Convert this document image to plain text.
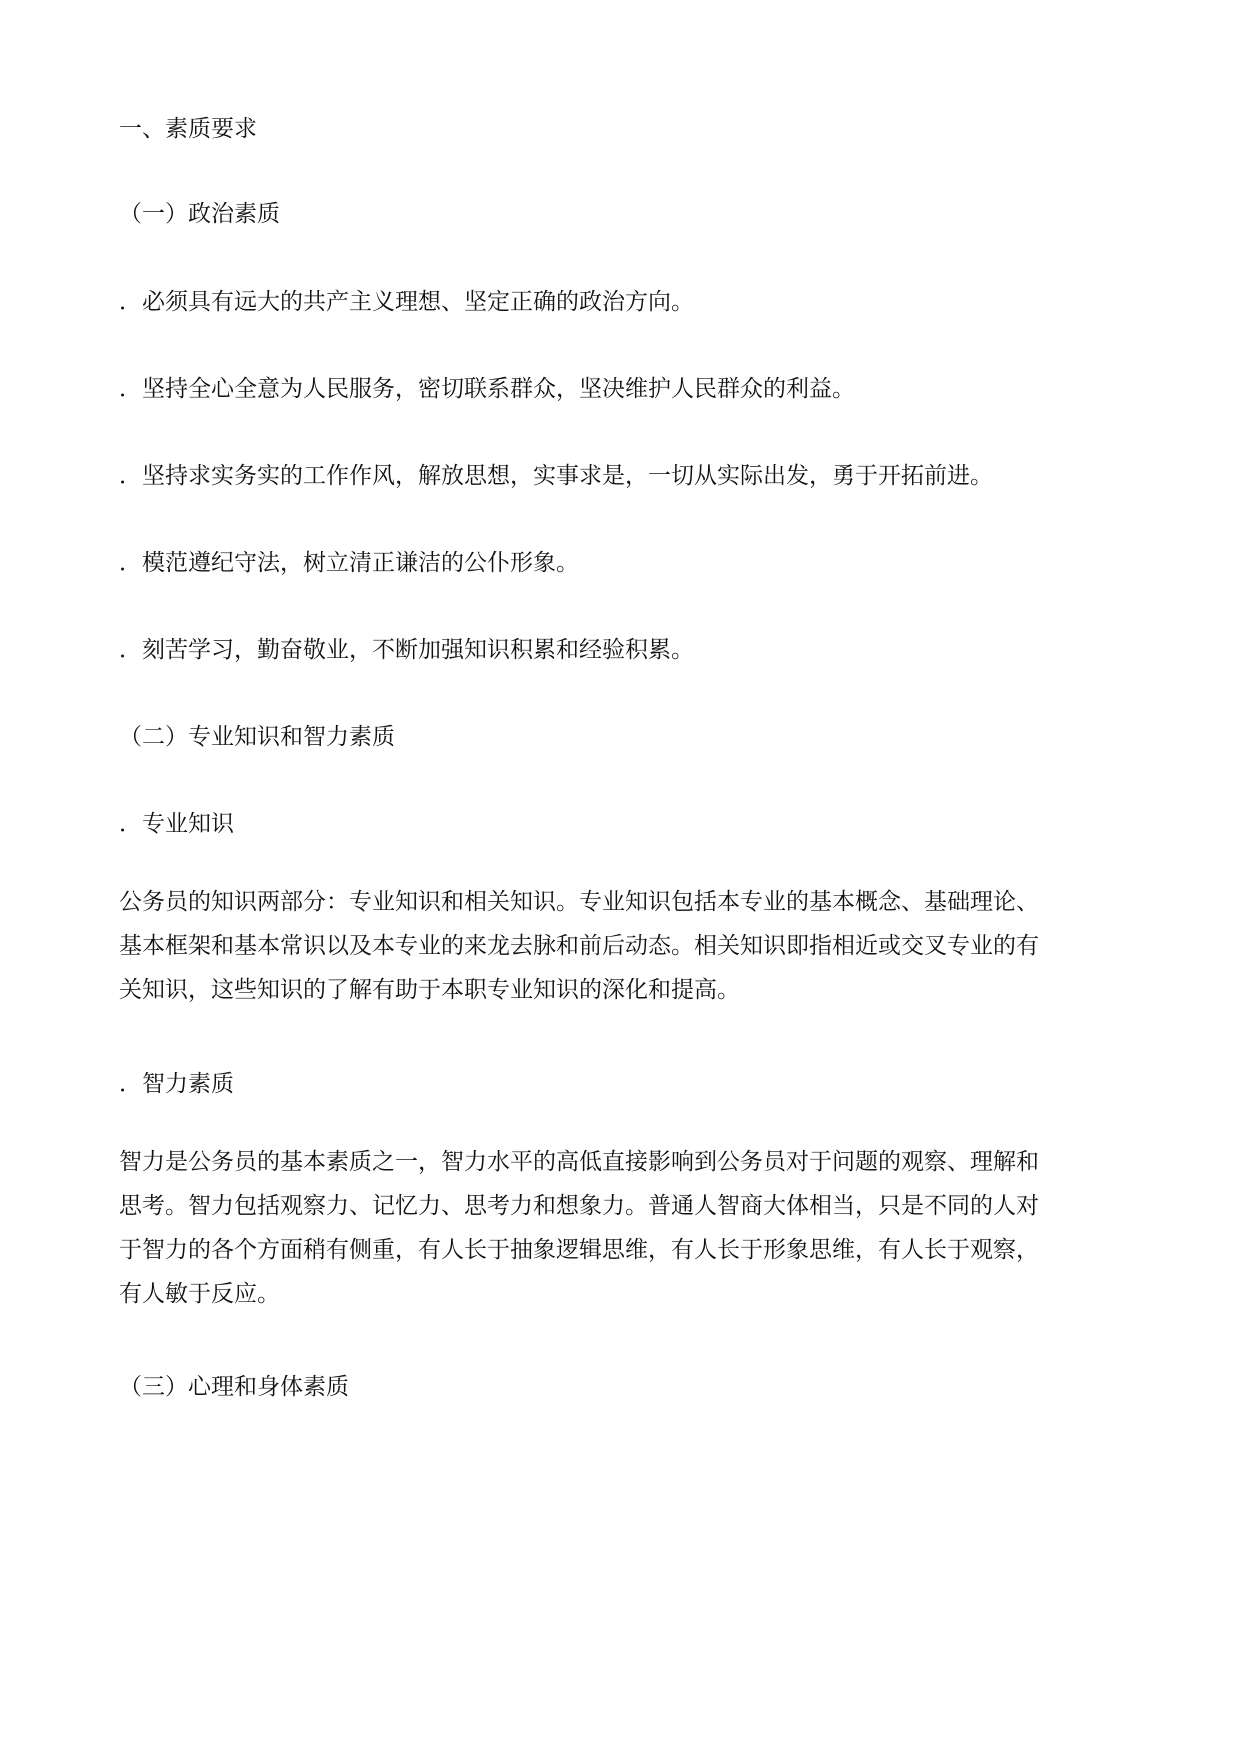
一、素质要求
（一）政治素质
．必须具有远大的共产主义理想、坚定正确的政治方向。
．坚持全心全意为人民服务，密切联系群众，坚决维护人民群众的利益。
．坚持求实务实的工作作风，解放思想，实事求是，一切从实际出发，勇于开拓前进。
．模范遵纪守法，树立清正谦洁的公仆形象。
．刻苦学习，勤奋敬业，不断加强知识积累和经验积累。
（二）专业知识和智力素质
．专业知识
公务员的知识两部分：专业知识和相关知识。专业知识包括本专业的基本概念、基础理论、
基本框架和基本常识以及本专业的来龙去脉和前后动态。相关知识即指相近或交叉专业的有
关知识，这些知识的了解有助于本职专业知识的深化和提高。
．智力素质
智力是公务员的基本素质之一，智力水平的高低直接影响到公务员对于问题的观察、理解和
思考。智力包括观察力、记忆力、思考力和想象力。普通人智商大体相当，只是不同的人对
于智力的各个方面稍有侧重，有人长于抽象逻辑思维，有人长于形象思维，有人长于观察，
有人敏于反应。
（三）心理和身体素质
